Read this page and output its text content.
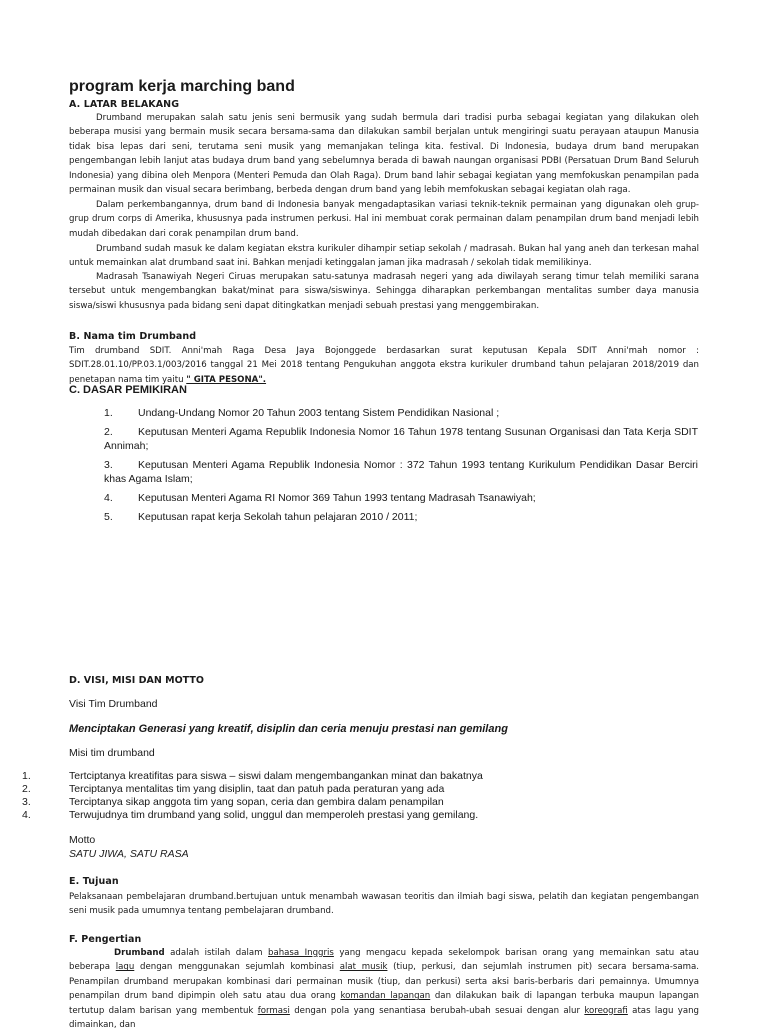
program kerja marching band
A. LATAR BELAKANG

Drumband merupakan salah satu jenis seni bermusik yang sudah bermula dari tradisi purba sebagai kegiatan yang dilakukan oleh beberapa musisi yang bermain musik secara bersama-sama dan dilakukan sambil berjalan untuk mengiringi suatu perayaan ataupun Manusia tidak bisa lepas dari seni, terutama seni musik yang memanjakan telinga kita. festival. Di Indonesia, budaya drum band merupakan pengembangan lebih lanjut atas budaya drum band yang sebelumnya berada di bawah naungan organisasi PDBI (Persatuan Drum Band Seluruh Indonesia) yang dibina oleh Menpora (Menteri Pemuda dan Olah Raga). Drum band lahir sebagai kegiatan yang memfokuskan penampilan pada permainan musik dan visual secara berimbang, berbeda dengan drum band yang lebih memfokuskan sebagai kegiatan olah raga.

Dalam perkembangannya, drum band di Indonesia banyak mengadaptasikan variasi teknik-teknik permainan yang digunakan oleh grup-grup drum corps di Amerika, khususnya pada instrumen perkusi. Hal ini membuat corak permainan dalam penampilan drum band menjadi lebih mudah dibedakan dari corak penampilan drum band.

Drumband sudah masuk ke dalam kegiatan ekstra kurikuler dihampir setiap sekolah / madrasah. Bukan hal yang aneh dan terkesan mahal untuk memainkan alat drumband saat ini. Bahkan menjadi ketinggalan jaman jika madrasah / sekolah tidak memilikinya.

Madrasah Tsanawiyah Negeri Ciruas merupakan satu-satunya madrasah negeri yang ada diwilayah serang timur telah memiliki sarana tersebut untuk mengembangkan bakat/minat para siswa/siswinya. Sehingga diharapkan perkembangan mentalitas sumber daya manusia siswa/siswi khususnya pada bidang seni dapat ditingkatkan menjadi sebuah prestasi yang menggembirakan.

B. Nama tim Drumband

Tim drumband SDIT. Anni'mah Raga Desa Jaya Bojonggede berdasarkan surat keputusan Kepala SDIT Anni'mah nomor : SDIT.28.01.10/PP.03.1/003/2016 tanggal 21 Mei 2018 tentang Pengukuhan anggota ekstra kurikuler drumband tahun pelajaran 2018/2019 dan penetapan nama tim yaitu " GITA PESONA".

C. DASAR PEMIKIRAN
1. Undang-Undang Nomor 20 Tahun 2003 tentang Sistem Pendidikan Nasional ;
2. Keputusan Menteri Agama Republik Indonesia Nomor 16 Tahun 1978 tentang Susunan Organisasi dan Tata Kerja SDIT Annimah;
3. Keputusan Menteri Agama Republik Indonesia Nomor : 372 Tahun 1993 tentang Kurikulum Pendidikan Dasar Berciri khas Agama Islam;
4. Keputusan Menteri Agama RI Nomor 369 Tahun 1993 tentang Madrasah Tsanawiyah;
5. Keputusan rapat kerja Sekolah tahun pelajaran 2010 / 2011;
D. VISI, MISI DAN MOTTO

Visi Tim Drumband

Menciptakan Generasi yang kreatif, disiplin dan ceria menuju prestasi nan gemilang

Misi tim drumband

1.	Tertciptanya kreatifitas para siswa – siswi dalam mengembangankan minat dan bakatnya
2.	Terciptanya mentalitas tim yang disiplin, taat dan patuh pada peraturan yang ada
3.	Terciptanya sikap anggota tim yang sopan, ceria dan gembira dalam penampilan
4.	Terwujudnya tim drumband yang solid, unggul dan memperoleh prestasi yang gemilang.

Motto

SATU JIWA, SATU RASA

E. Tujuan

Pelaksanaan pembelajaran drumband.bertujuan untuk menambah wawasan teoritis dan ilmiah bagi siswa, pelatih dan kegiatan pengembangan seni musik pada umumnya tentang pembelajaran drumband.

F. Pengertian

Drumband adalah istilah dalam bahasa Inggris yang mengacu kepada sekelompok barisan orang yang memainkan satu atau beberapa lagu dengan menggunakan sejumlah kombinasi alat musik (tiup, perkusi, dan sejumlah instrumen pit) secara bersama-sama. Penampilan drumband merupakan kombinasi dari permainan musik (tiup, dan perkusi) serta aksi baris-berbaris dari pemainnya. Umumnya penampilan drum band dipimpin oleh satu atau dua orang komandan lapangan dan dilakukan baik di lapangan terbuka maupun lapangan tertutup dalam barisan yang membentuk formasi dengan pola yang senantiasa berubah-ubah sesuai dengan alur koreografi atas lagu yang dimainkan, dan
